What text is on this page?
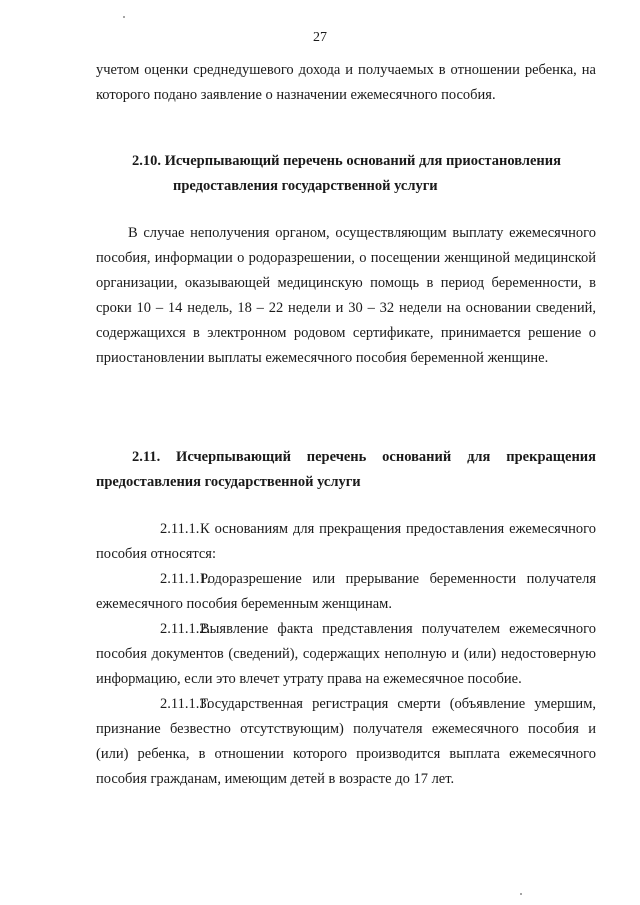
27

учетом оценки среднедушевого дохода и получаемых в отношении ребенка, на которого подано заявление о назначении ежемесячного пособия.

2.10. Исчерпывающий перечень оснований для приостановления

предоставления государственной услуги

В случае неполучения органом, осуществляющим выплату ежемесячного пособия, информации о родоразрешении, о посещении женщиной медицинской организации, оказывающей медицинскую помощь в период беременности, в сроки 10 – 14 недель, 18 – 22 недели и 30 – 32 недели на основании сведений, содержащихся в электронном родовом сертификате, принимается решение о приостановлении выплаты ежемесячного пособия беременной женщине.

2.11. Исчерпывающий перечень оснований для прекращения предоставления государственной услуги

2.11.1.К основаниям для прекращения предоставления ежемесячного пособия относятся:

2.11.1.1.Родоразрешение или прерывание беременности получателя ежемесячного пособия беременным женщинам.

2.11.1.2.Выявление факта представления получателем ежемесячного пособия документов (сведений), содержащих неполную и (или) недостоверную информацию, если это влечет утрату права на ежемесячное пособие.

2.11.1.3.Государственная регистрация смерти (объявление умершим, признание безвестно отсутствующим) получателя ежемесячного пособия и (или) ребенка, в отношении которого производится выплата ежемесячного пособия гражданам, имеющим детей в возрасте до 17 лет.
